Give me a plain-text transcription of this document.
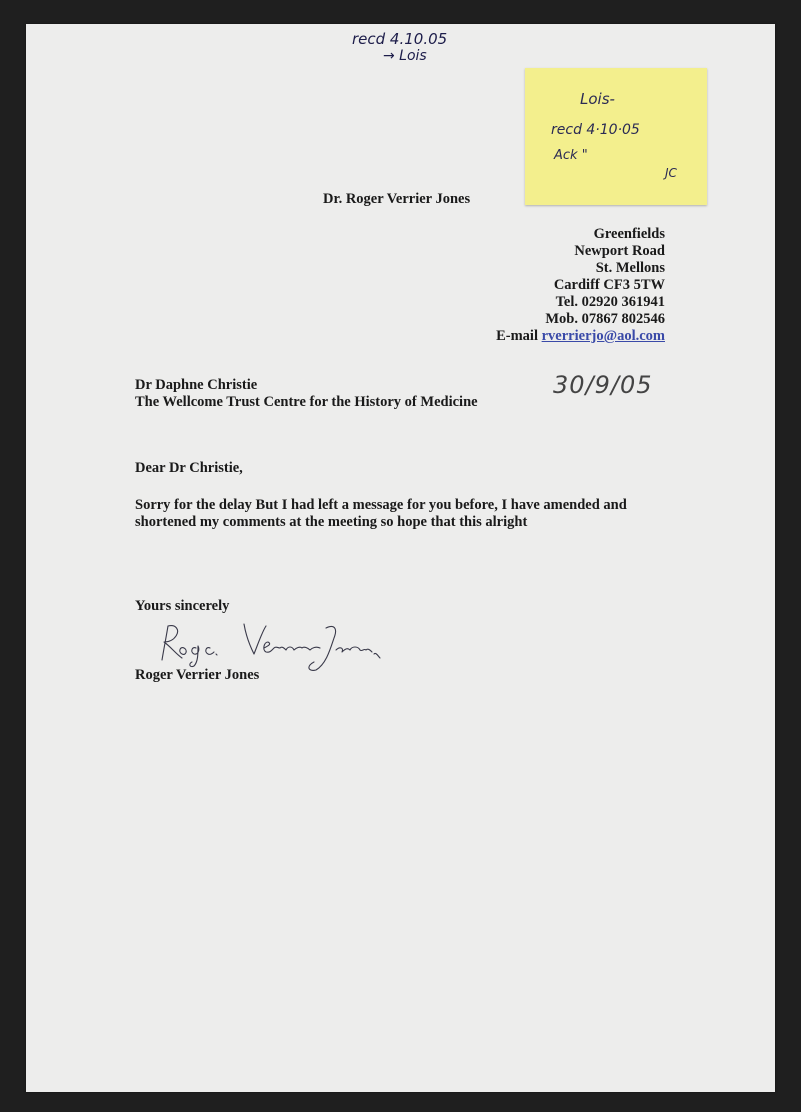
recd 4.10.05
→ Lois
Lois-
recd 4·10·05
Ack "
JC
Dr. Roger Verrier Jones
Greenfields
Newport Road
St. Mellons
Cardiff CF3 5TW
Tel. 02920 361941
Mob. 07867 802546
E-mail rverrierjo@aol.com
Dr Daphne Christie
The Wellcome Trust Centre for the History of Medicine
30/9/05
Dear Dr Christie,
Sorry for the delay But I had left a message for you before, I have amended and
shortened my comments at the meeting so hope that this alright
Yours sincerely
Roger Verrier Jones
